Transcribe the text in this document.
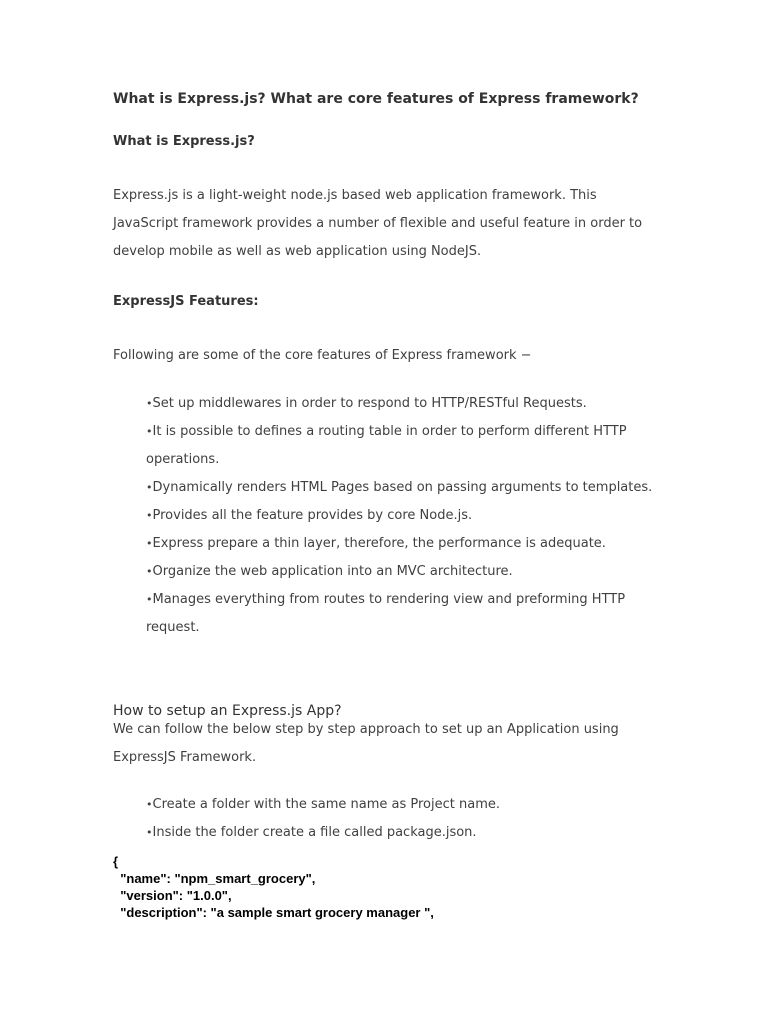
What is Express.js? What are core features of Express framework?
What is Express.js?
Express.js is a light-weight node.js based web application framework. This
JavaScript framework provides a number of flexible and useful feature in order to
develop mobile as well as web application using NodeJS.
ExpressJS Features:
Following are some of the core features of Express framework −
•Set up middlewares in order to respond to HTTP/RESTful Requests.
•It is possible to defines a routing table in order to perform different HTTP operations.
•Dynamically renders HTML Pages based on passing arguments to templates.
•Provides all the feature provides by core Node.js.
•Express prepare a thin layer, therefore, the performance is adequate.
•Organize the web application into an MVC architecture.
•Manages everything from routes to rendering view and preforming HTTP request.
How to setup an Express.js App?
We can follow the below step by step approach to set up an Application using
ExpressJS Framework.
•Create a folder with the same name as Project name.
•Inside the folder create a file called package.json.
{
"name": "npm_smart_grocery",
"version": "1.0.0",
"description": "a sample smart grocery manager ",
